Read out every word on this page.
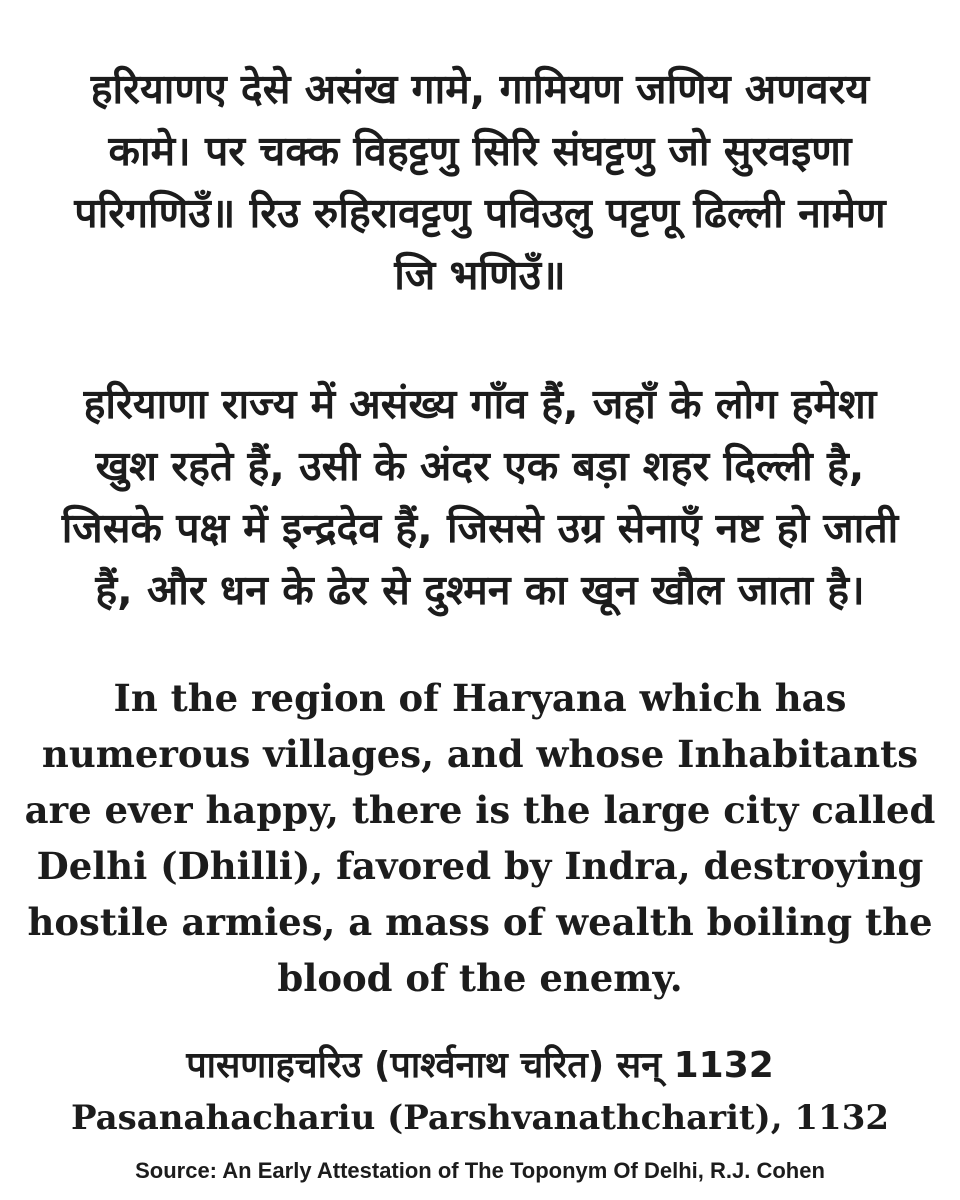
हरियाणए देसे असंख गामे, गामियण जणिय अणवरय
कामे। पर चक्क विहट्टणु सिरि संघट्टणु जो सुरवइणा
परिगणिउँ॥ रिउ रुहिरावट्टणु पविउलु पट्टणू ढिल्ली नामेण
जि भणिउँ॥
हरियाणा राज्य में असंख्य गाँव हैं, जहाँ के लोग हमेशा
खुश रहते हैं, उसी के अंदर एक बड़ा शहर दिल्ली है,
जिसके पक्ष में इन्द्रदेव हैं, जिससे उग्र सेनाएँ नष्ट हो जाती
हैं, और धन के ढेर से दुश्मन का खून खौल जाता है।
In the region of Haryana which has
numerous villages, and whose Inhabitants
are ever happy, there is the large city called
Delhi (Dhilli), favored by Indra, destroying
hostile armies, a mass of wealth boiling the
blood of the enemy.
पासणाहचरिउ (पार्श्वनाथ चरित) सन् 1132
Pasanahachariu (Parshvanathcharit), 1132
Source: An Early Attestation of The Toponym Of Delhi, R.J. Cohen
